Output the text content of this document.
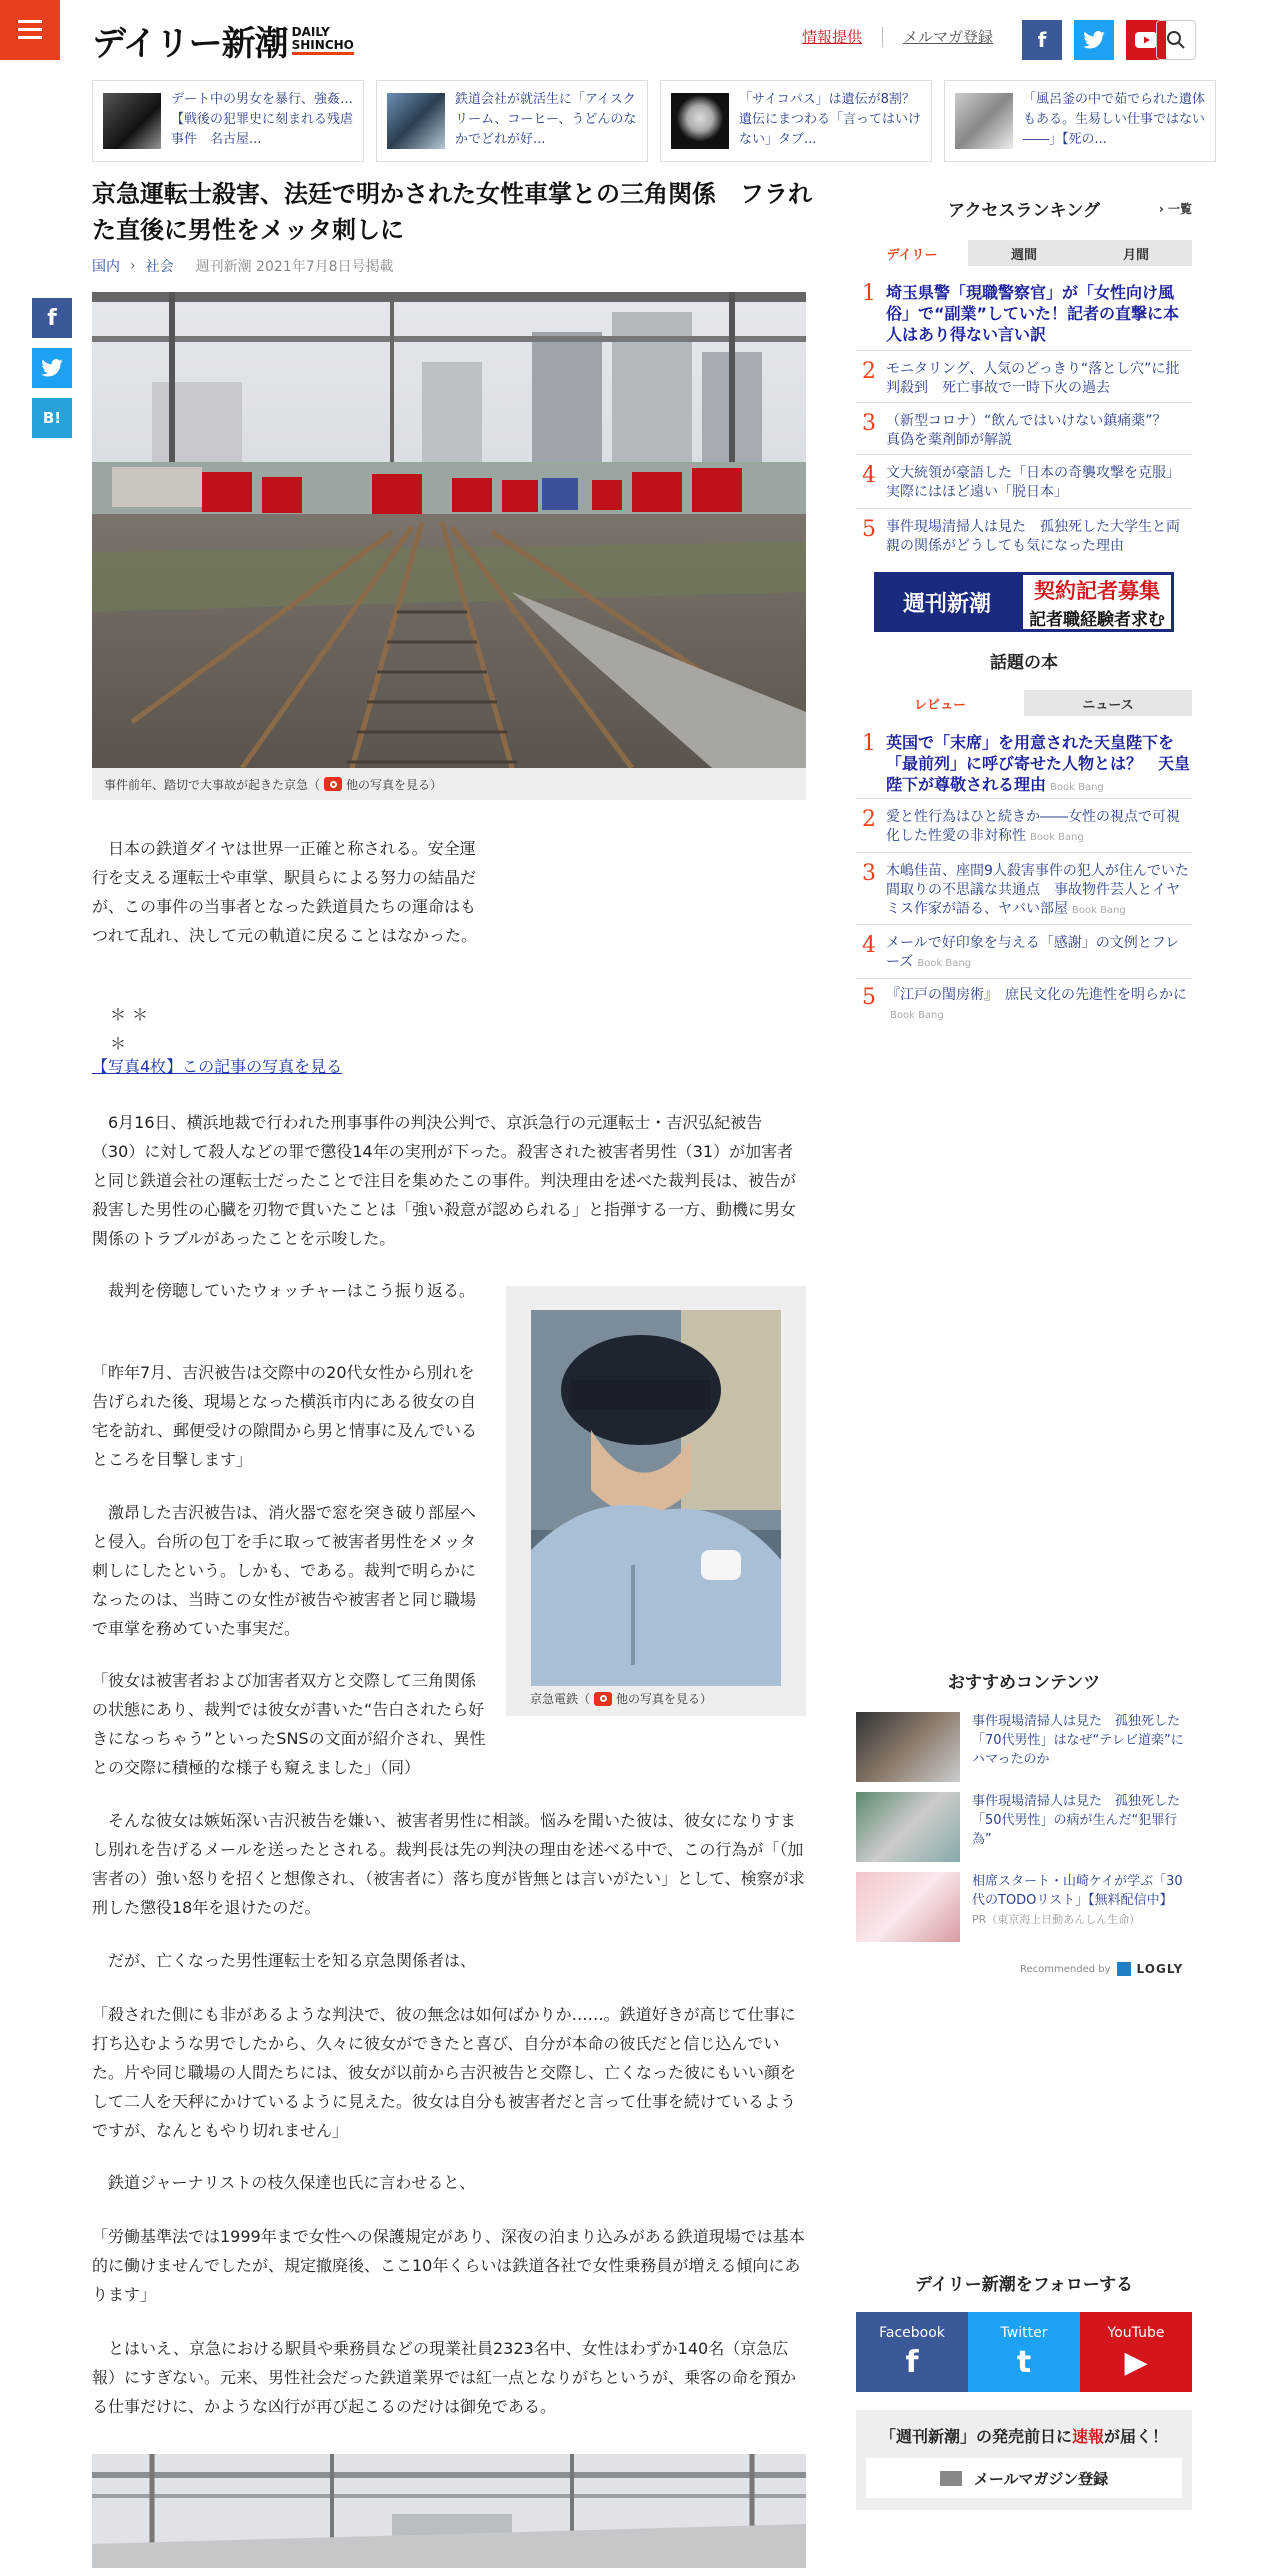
デイリー新潮 DAILY
SHINCHO	情報提供	メルマガ登録	f
デート中の男女を暴行、強姦…【戦後の犯罪史に刻まれる残虐事件　名古屋...
鉄道会社が就活生に「アイスクリーム、コーヒー、うどんのなかでどれが好...
「サイコパス」は遺伝が8割？　遺伝にまつわる「言ってはいけない」タブ...
「風呂釜の中で茹でられた遺体もある。生易しい仕事ではない――」【死の...
京急運転士殺害、法廷で明かされた女性車掌との三角関係　フラれた直後に男性をメッタ刺しに
国内 › 社会 週刊新潮 2021年7月8日号掲載
f
B!
事件前年、踏切で大事故が起きた京急（ 他の写真を見る）

　日本の鉄道ダイヤは世界一正確と称される。安全運行を支える運転士や車掌、駅員らによる努力の結晶だが、この事件の当事者となった鉄道員たちの運命はもつれて乱れ、決して元の軌道に戻ることはなかった。

＊＊＊

【写真4枚】この記事の写真を見る

　6月16日、横浜地裁で行われた刑事事件の判決公判で、京浜急行の元運転士・吉沢弘紀被告（30）に対して殺人などの罪で懲役14年の実刑が下った。殺害された被害者男性（31）が加害者と同じ鉄道会社の運転士だったことで注目を集めたこの事件。判決理由を述べた裁判長は、被告が殺害した男性の心臓を刃物で貫いたことは「強い殺意が認められる」と指弾する一方、動機に男女関係のトラブルがあったことを示唆した。

　裁判を傍聴していたウォッチャーはこう振り返る。

「昨年7月、吉沢被告は交際中の20代女性から別れを告げられた後、現場となった横浜市内にある彼女の自宅を訪れ、郵便受けの隙間から男と情事に及んでいるところを目撃します」

　激昂した吉沢被告は、消火器で窓を突き破り部屋へと侵入。台所の包丁を手に取って被害者男性をメッタ刺しにしたという。しかも、である。裁判で明らかになったのは、当時この女性が被告や被害者と同じ職場で車掌を務めていた事実だ。

「彼女は被害者および加害者双方と交際して三角関係の状態にあり、裁判では彼女が書いた“告白されたら好きになっちゃう”といったSNSの文面が紹介され、異性との交際に積極的な様子も窺えました」（同）

　そんな彼女は嫉妬深い吉沢被告を嫌い、被害者男性に相談。悩みを聞いた彼は、彼女になりすまし別れを告げるメールを送ったとされる。裁判長は先の判決の理由を述べる中で、この行為が「（加害者の）強い怒りを招くと想像され、（被害者に）落ち度が皆無とは言いがたい」として、検察が求刑した懲役18年を退けたのだ。

　だが、亡くなった男性運転士を知る京急関係者は、

「殺された側にも非があるような判決で、彼の無念は如何ばかりか……。鉄道好きが高じて仕事に打ち込むような男でしたから、久々に彼女ができたと喜び、自分が本命の彼氏だと信じ込んでいた。片や同じ職場の人間たちには、彼女が以前から吉沢被告と交際し、亡くなった彼にもいい顔をして二人を天秤にかけているように見えた。彼女は自分も被害者だと言って仕事を続けているようですが、なんともやり切れません」

　鉄道ジャーナリストの枝久保達也氏に言わせると、

「労働基準法では1999年まで女性への保護規定があり、深夜の泊まり込みがある鉄道現場では基本的に働けませんでしたが、規定撤廃後、ここ10年くらいは鉄道各社で女性乗務員が増える傾向にあります」

　とはいえ、京急における駅員や乗務員などの現業社員2323名中、女性はわずか140名（京急広報）にすぎない。元来、男性社会だった鉄道業界では紅一点となりがちというが、乗客の命を預かる仕事だけに、かような凶行が再び起こるのだけは御免である。

京急電鉄（ 他の写真を見る）
アクセスランキング	› 一覧
デイリー	週間	月間
1 埼玉県警「現職警察官」が「女性向け風俗」で“副業”していた！記者の直撃に本人はあり得ない言い訳
2 モニタリング、人気のどっきり“落とし穴”に批判殺到　死亡事故で一時下火の過去
3 （新型コロナ）“飲んではいけない鎮痛薬”？　真偽を薬剤師が解説
4 文大統領が豪語した「日本の奇襲攻撃を克服」実際にはほど遠い「脱日本」
5 事件現場清掃人は見た　孤独死した大学生と両親の関係がどうしても気になった理由
週刊新潮
契約記者募集
記者職経験者求む
話題の本
レビュー	ニュース
1 英国で「末席」を用意された天皇陛下を「最前列」に呼び寄せた人物とは？　天皇陛下が尊敬される理由 Book Bang
2 愛と性行為はひと続きか――女性の視点で可視化した性愛の非対称性 Book Bang
3 木嶋佳苗、座間9人殺害事件の犯人が住んでいた間取りの不思議な共通点　事故物件芸人とイヤミス作家が語る、ヤバい部屋 Book Bang
4 メールで好印象を与える「感謝」の文例とフレーズ Book Bang
5 『江戸の閨房術』　庶民文化の先進性を明らかに
Book Bang
おすすめコンテンツ
事件現場清掃人は見た　孤独死した「70代男性」はなぜ“テレビ道楽”にハマったのか
事件現場清掃人は見た　孤独死した「50代男性」の病が生んだ“犯罪行為”
相席スタート・山崎ケイが学ぶ「30代のTODOリスト」【無料配信中】
PR（東京海上日動あんしん生命）
Recommended by LOGLY
デイリー新潮をフォローする
Facebook
f
Twitter
t
YouTube
▶
「週刊新潮」の発売前日に速報が届く！
メールマガジン登録
